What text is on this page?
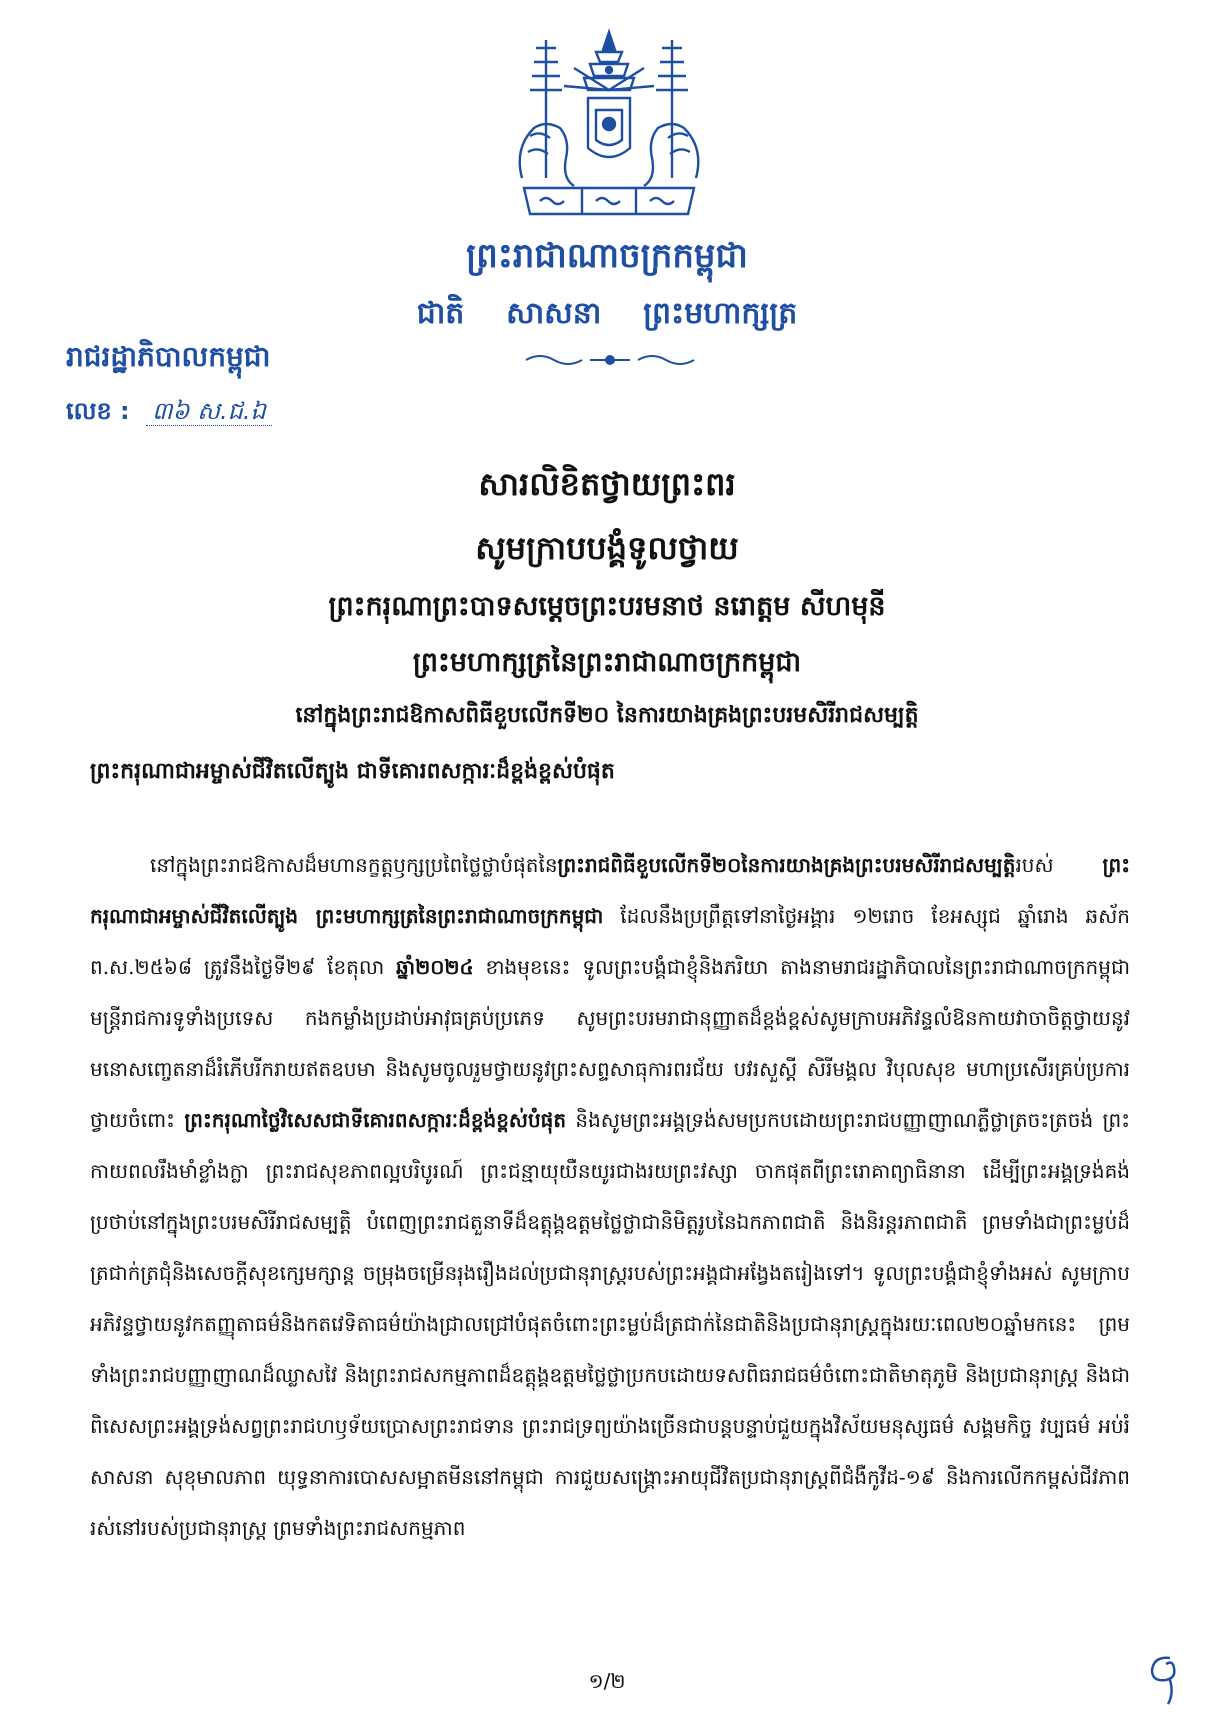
ព្រះរាជាណាចក្រកម្ពុជា
ជាតិ    សាសនា    ព្រះមហាក្សត្រ
រាជរដ្ឋាភិបាលកម្ពុជា
លេខ : ៣៦ ស.ជ.ឯ
សារលិខិតថ្វាយព្រះពរ
សូមក្រាបបង្គំទូលថ្វាយ
ព្រះករុណាព្រះបាទសម្តេចព្រះបរមនាថ នរោត្តម សីហមុនី
ព្រះមហាក្សត្រនៃព្រះរាជាណាចក្រកម្ពុជា
នៅក្នុងព្រះរាជឱកាសពិធីខួបលើកទី២០ នៃការយាងគ្រងព្រះបរមសិរីរាជសម្បត្តិ
ព្រះករុណាជាអម្ចាស់ជីវិតលើត្បូង ជាទីគោរពសក្ការៈដ៏ខ្ពង់ខ្ពស់បំផុត
នៅក្នុងព្រះរាជឱកាសដ៏មហានក្ខត្តឫក្សប្រពៃថ្លៃថ្លាបំផុតនៃព្រះរាជពិធីខួបលើកទី២០នៃការយាងគ្រងព្រះបរមសិរីរាជសម្បត្តិរបស់ ព្រះករុណាជាអម្ចាស់ជីវិតលើត្បូង ព្រះមហាក្សត្រនៃព្រះរាជាណាចក្រកម្ពុជា ដែលនឹងប្រព្រឹត្តទៅនាថ្ងៃអង្គារ ១២រោច ខែអស្សុជ ឆ្នាំរោង ឆស័ក ព.ស.២៥៦៨ ត្រូវនឹងថ្ងៃទី២៩ ខែតុលា ឆ្នាំ២០២៤ ខាងមុខនេះ ទូលព្រះបង្គំជាខ្ញុំនិងភរិយា តាងនាមរាជរដ្ឋាភិបាលនៃព្រះរាជាណាចក្រកម្ពុជា មន្ត្រីរាជការទូទាំងប្រទេស កងកម្លាំងប្រដាប់អាវុធគ្រប់ប្រភេទ សូមព្រះបរមរាជានុញ្ញាតដ៏ខ្ពង់ខ្ពស់សូមក្រាបអភិវន្ទលំឱនកាយវាចាចិត្តថ្វាយនូវមនោសញ្ចេតនាដ៏រំភើបរីករាយឥតឧបមា និងសូមចូលរួមថ្វាយនូវព្រះសព្ទសាធុការពរជ័យ បវរសួស្តី សិរីមង្គល វិបុលសុខ មហាប្រសើរគ្រប់ប្រការថ្វាយចំពោះ ព្រះករុណាថ្លៃវិសេសជាទីគោរពសក្ការៈដ៏ខ្ពង់ខ្ពស់បំផុត និងសូមព្រះអង្គទ្រង់សមប្រកបដោយព្រះរាជបញ្ញាញាណភ្លឺថ្លាត្រចះត្រចង់ ព្រះកាយពលរឹងមាំខ្លាំងក្លា ព្រះរាជសុខភាពល្អបរិបូរណ៍ ព្រះជន្មាយុយឺនយូរជាងរយព្រះវស្សា ចាកផុតពីព្រះរោគាព្យាធិនានា ដើម្បីព្រះអង្គទ្រង់គង់ប្រថាប់នៅក្នុងព្រះបរមសិរីរាជសម្បត្តិ បំពេញព្រះរាជតួនាទីដ៏ឧត្តុង្គឧត្តមថ្លៃថ្លាជានិមិត្តរូបនៃឯកភាពជាតិ និងនិរន្តរភាពជាតិ ព្រមទាំងជាព្រះម្លប់ដ៏ត្រជាក់ត្រជុំនិងសេចក្តីសុខក្សេមក្សាន្ត ចម្រុងចម្រើនរុងរឿងដល់ប្រជានុរាស្ត្ររបស់ព្រះអង្គជាអង្វែងតរៀងទៅ។ ទូលព្រះបង្គំជាខ្ញុំទាំងអស់ សូមក្រាបអភិវន្ទថ្វាយនូវកតញ្ញុតាធម៌និងកតវេទិតាធម៌យ៉ាងជ្រាលជ្រៅបំផុតចំពោះព្រះម្លប់ដ៏ត្រជាក់នៃជាតិនិងប្រជានុរាស្ត្រក្នុងរយៈពេល២០ឆ្នាំមកនេះ ព្រមទាំងព្រះរាជបញ្ញាញាណដ៏ឈ្លាសវៃ និងព្រះរាជសកម្មភាពដ៏ឧត្តុង្គឧត្តមថ្លៃថ្លាប្រកបដោយទសពិធរាជធម៌ចំពោះជាតិមាតុភូមិ និងប្រជានុរាស្ត្រ និងជាពិសេសព្រះអង្គទ្រង់សព្វព្រះរាជហឫទ័យប្រោសព្រះរាជទាន ព្រះរាជទ្រព្យយ៉ាងច្រើនជាបន្តបន្ទាប់ជួយក្នុងវិស័យមនុស្សធម៌ សង្គមកិច្ច វប្បធម៌ អប់រំ សាសនា សុខុមាលភាព យុទ្ធនាការបោសសម្អាតមីននៅកម្ពុជា ការជួយសង្គ្រោះអាយុជីវិតប្រជានុរាស្ត្រពីជំងឺកូវីដ-១៩ និងការលើកកម្ពស់ជីវភាពរស់នៅរបស់ប្រជានុរាស្ត្រ ព្រមទាំងព្រះរាជសកម្មភាព
១/២
